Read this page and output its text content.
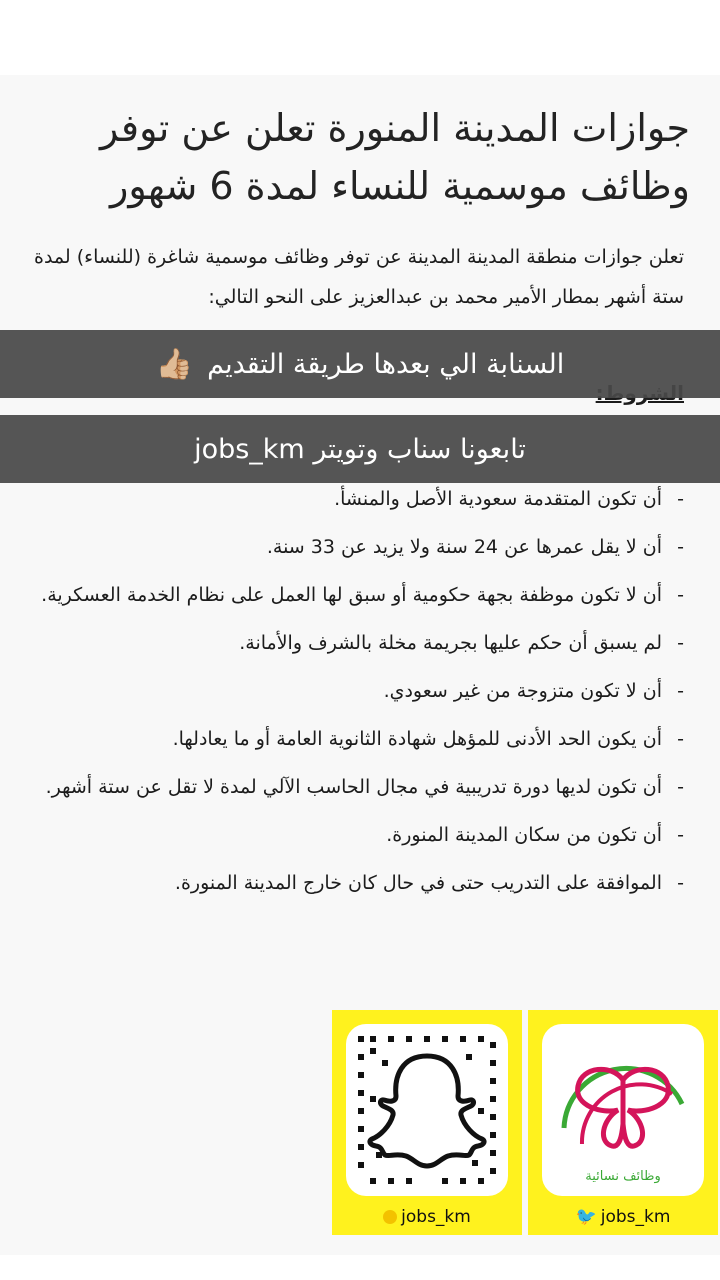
جوازات المدينة المنورة تعلن عن توفر وظائف موسمية للنساء لمدة 6 شهور

تعلن جوازات منطقة المدينة المدينة عن توفر وظائف موسمية شاغرة (للنساء) لمدة ستة أشهر بمطار الأمير محمد بن عبدالعزيز على النحو التالي:

-
أن تكون المتقدمة سعودية الأصل والمنشأ.
-
أن لا يقل عمرها عن 24 سنة ولا يزيد عن 33 سنة.
-
أن لا تكون موظفة بجهة حكومية أو سبق لها العمل على نظام الخدمة العسكرية.
-
لم يسبق أن حكم عليها بجريمة مخلة بالشرف والأمانة.
-
أن لا تكون متزوجة من غير سعودي.
-
أن يكون الحد الأدنى للمؤهل شهادة الثانوية العامة أو ما يعادلها.
-
أن تكون لديها دورة تدريبية في مجال الحاسب الآلي لمدة لا تقل عن ستة أشهر.
-
أن تكون من سكان المدينة المنورة.
-
الموافقة على التدريب حتى في حال كان خارج المدينة المنورة.
السنابة الي بعدها طريقة التقديم
👍🏼
تابعونا سناب وتويتر jobs_km
jobs_km
وظائف نسائية
🐦 jobs_km
